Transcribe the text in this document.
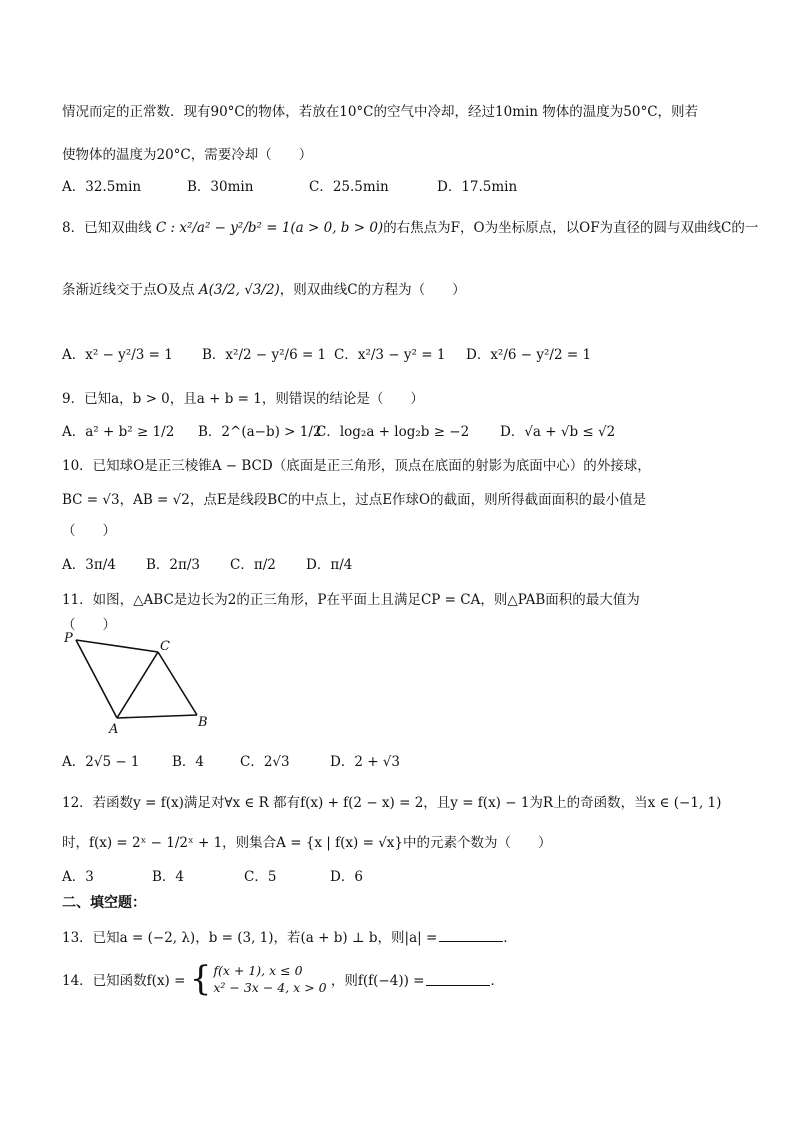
情况而定的正常数．现有90°C的物体，若放在10°C的空气中冷却，经过10min 物体的温度为50°C，则若
使物体的温度为20°C，需要冷却（　　）
A．32.5min	B．30min	C．25.5min	D．17.5min
8．已知双曲线 C : x²/a² − y²/b² = 1(a > 0, b > 0)的右焦点为F，O为坐标原点，以OF为直径的圆与双曲线C的一
条渐近线交于点O及点 A(3/2, √3/2)，则双曲线C的方程为（　　）
A．x² − y²/3 = 1 B．x²/2 − y²/6 = 1 C．x²/3 − y² = 1 D．x²/6 − y²/2 = 1
9．已知a，b > 0，且a + b = 1，则错误的结论是（　　）
A．a² + b² ≥ 1/2 B．2^(a−b) > 1/2C．log₂a + log₂b ≥ −2 D．√a + √b ≤ √2
10．已知球O是正三棱锥A − BCD（底面是正三角形，顶点在底面的射影为底面中心）的外接球，
BC = √3，AB = √2，点E是线段BC的中点上，过点E作球O的截面，则所得截面面积的最小值是
（　　）
A．3π/4 B．2π/3 C．π/2 D．π/4
11．如图，△ABC是边长为2的正三角形，P在平面上且满足CP = CA，则△PAB面积的最大值为
（　　）
P
C
A	B
A．2√5 − 1 B．4	C．2√3	D．2 + √3
12．若函数y = f(x)满足对∀x ∈ R 都有f(x) + f(2 − x) = 2，且y = f(x) − 1为R上的奇函数，当x ∈ (−1, 1)
时，f(x) = 2ˣ − 1/2ˣ + 1，则集合A = {x | f(x) = √x}中的元素个数为（　　）
A．3	B．4	C．5	D．6
二、填空题：
13．已知a = (−2, λ)，b = (3, 1)，若(a + b) ⊥ b，则|a| =	．
14．已知函数f(x) = { f(x + 1), x ≤ 0
x² − 3x − 4, x > 0 ，则f(f(−4)) =	．
